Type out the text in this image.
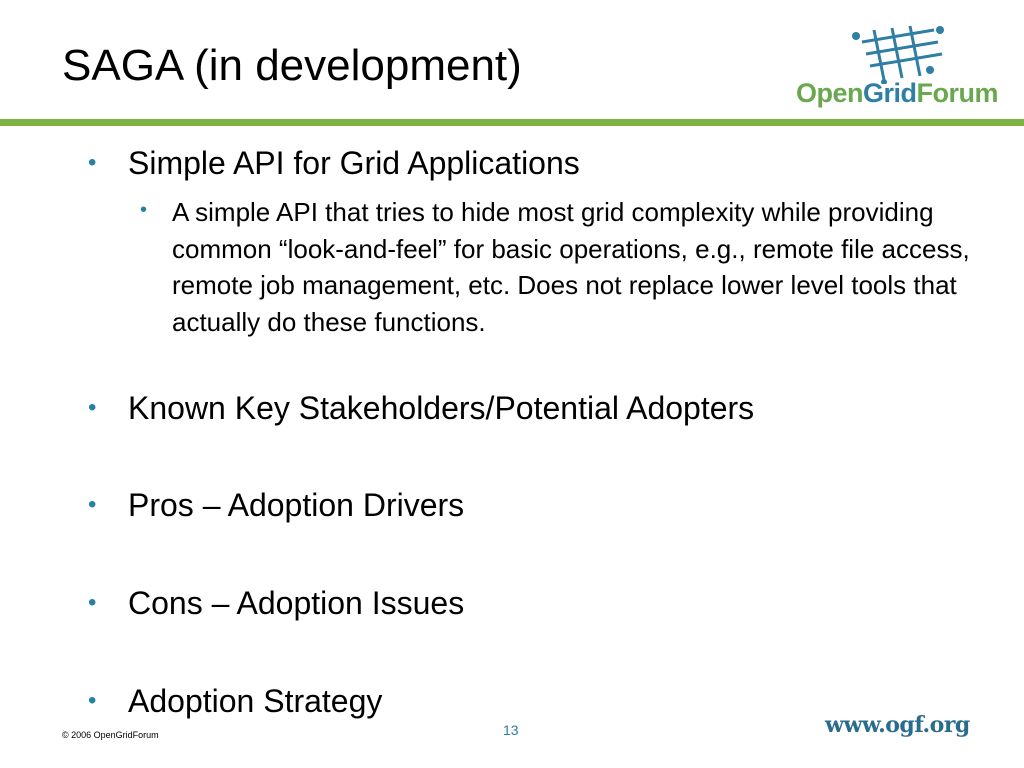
SAGA (in development)
OpenGridForum
• Simple API for Grid Applications
• A simple API that tries to hide most grid complexity while providing common “look-and-feel” for basic operations, e.g., remote file access, remote job management, etc. Does not replace lower level tools that actually do these functions.
• Known Key Stakeholders/Potential Adopters
• Pros – Adoption Drivers
• Cons – Adoption Issues
• Adoption Strategy
© 2006 OpenGridForum	13	www.ogf.org
